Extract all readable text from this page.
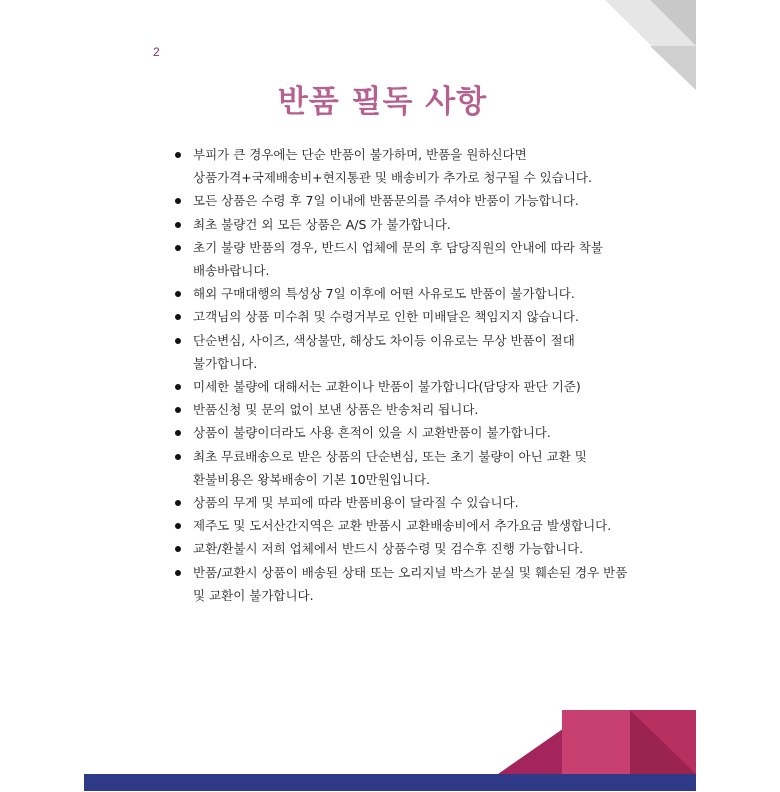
2
반품 필독 사항
부피가 큰 경우에는 단순 반품이 불가하며, 반품을 원하신다면
상품가격+국제배송비+현지통관 및 배송비가 추가로 청구될 수 있습니다.
모든 상품은 수령 후 7일 이내에 반품문의를 주셔야 반품이 가능합니다.
최초 불량건 외 모든 상품은 A/S 가 불가합니다.
초기 불량 반품의 경우, 반드시 업체에 문의 후 담당직원의 안내에 따라 착불
배송바랍니다.
해외 구매대행의 특성상 7일 이후에 어떤 사유로도 반품이 불가합니다.
고객님의 상품 미수취 및 수령거부로 인한 미배달은 책임지지 않습니다.
단순변심, 사이즈, 색상불만, 해상도 차이등 이유로는 무상 반품이 절대
불가합니다.
미세한 불량에 대해서는 교환이나 반품이 불가합니다(담당자 판단 기준)
반품신청 및 문의 없이 보낸 상품은 반송처리 됩니다.
상품이 불량이더라도 사용 흔적이 있을 시 교환반품이 불가합니다.
최초 무료배송으로 받은 상품의 단순변심, 또는 초기 불량이 아닌 교환 및
환불비용은 왕복배송이 기본 10만원입니다.
상품의 무게 및 부피에 따라 반품비용이 달라질 수 있습니다.
제주도 및 도서산간지역은 교환 반품시 교환배송비에서 추가요금 발생합니다.
교환/환불시 저희 업체에서 반드시 상품수령 및 검수후 진행 가능합니다.
반품/교환시 상품이 배송된 상태 또는 오리지널 박스가 분실 및 훼손된 경우 반품
및 교환이 불가합니다.
